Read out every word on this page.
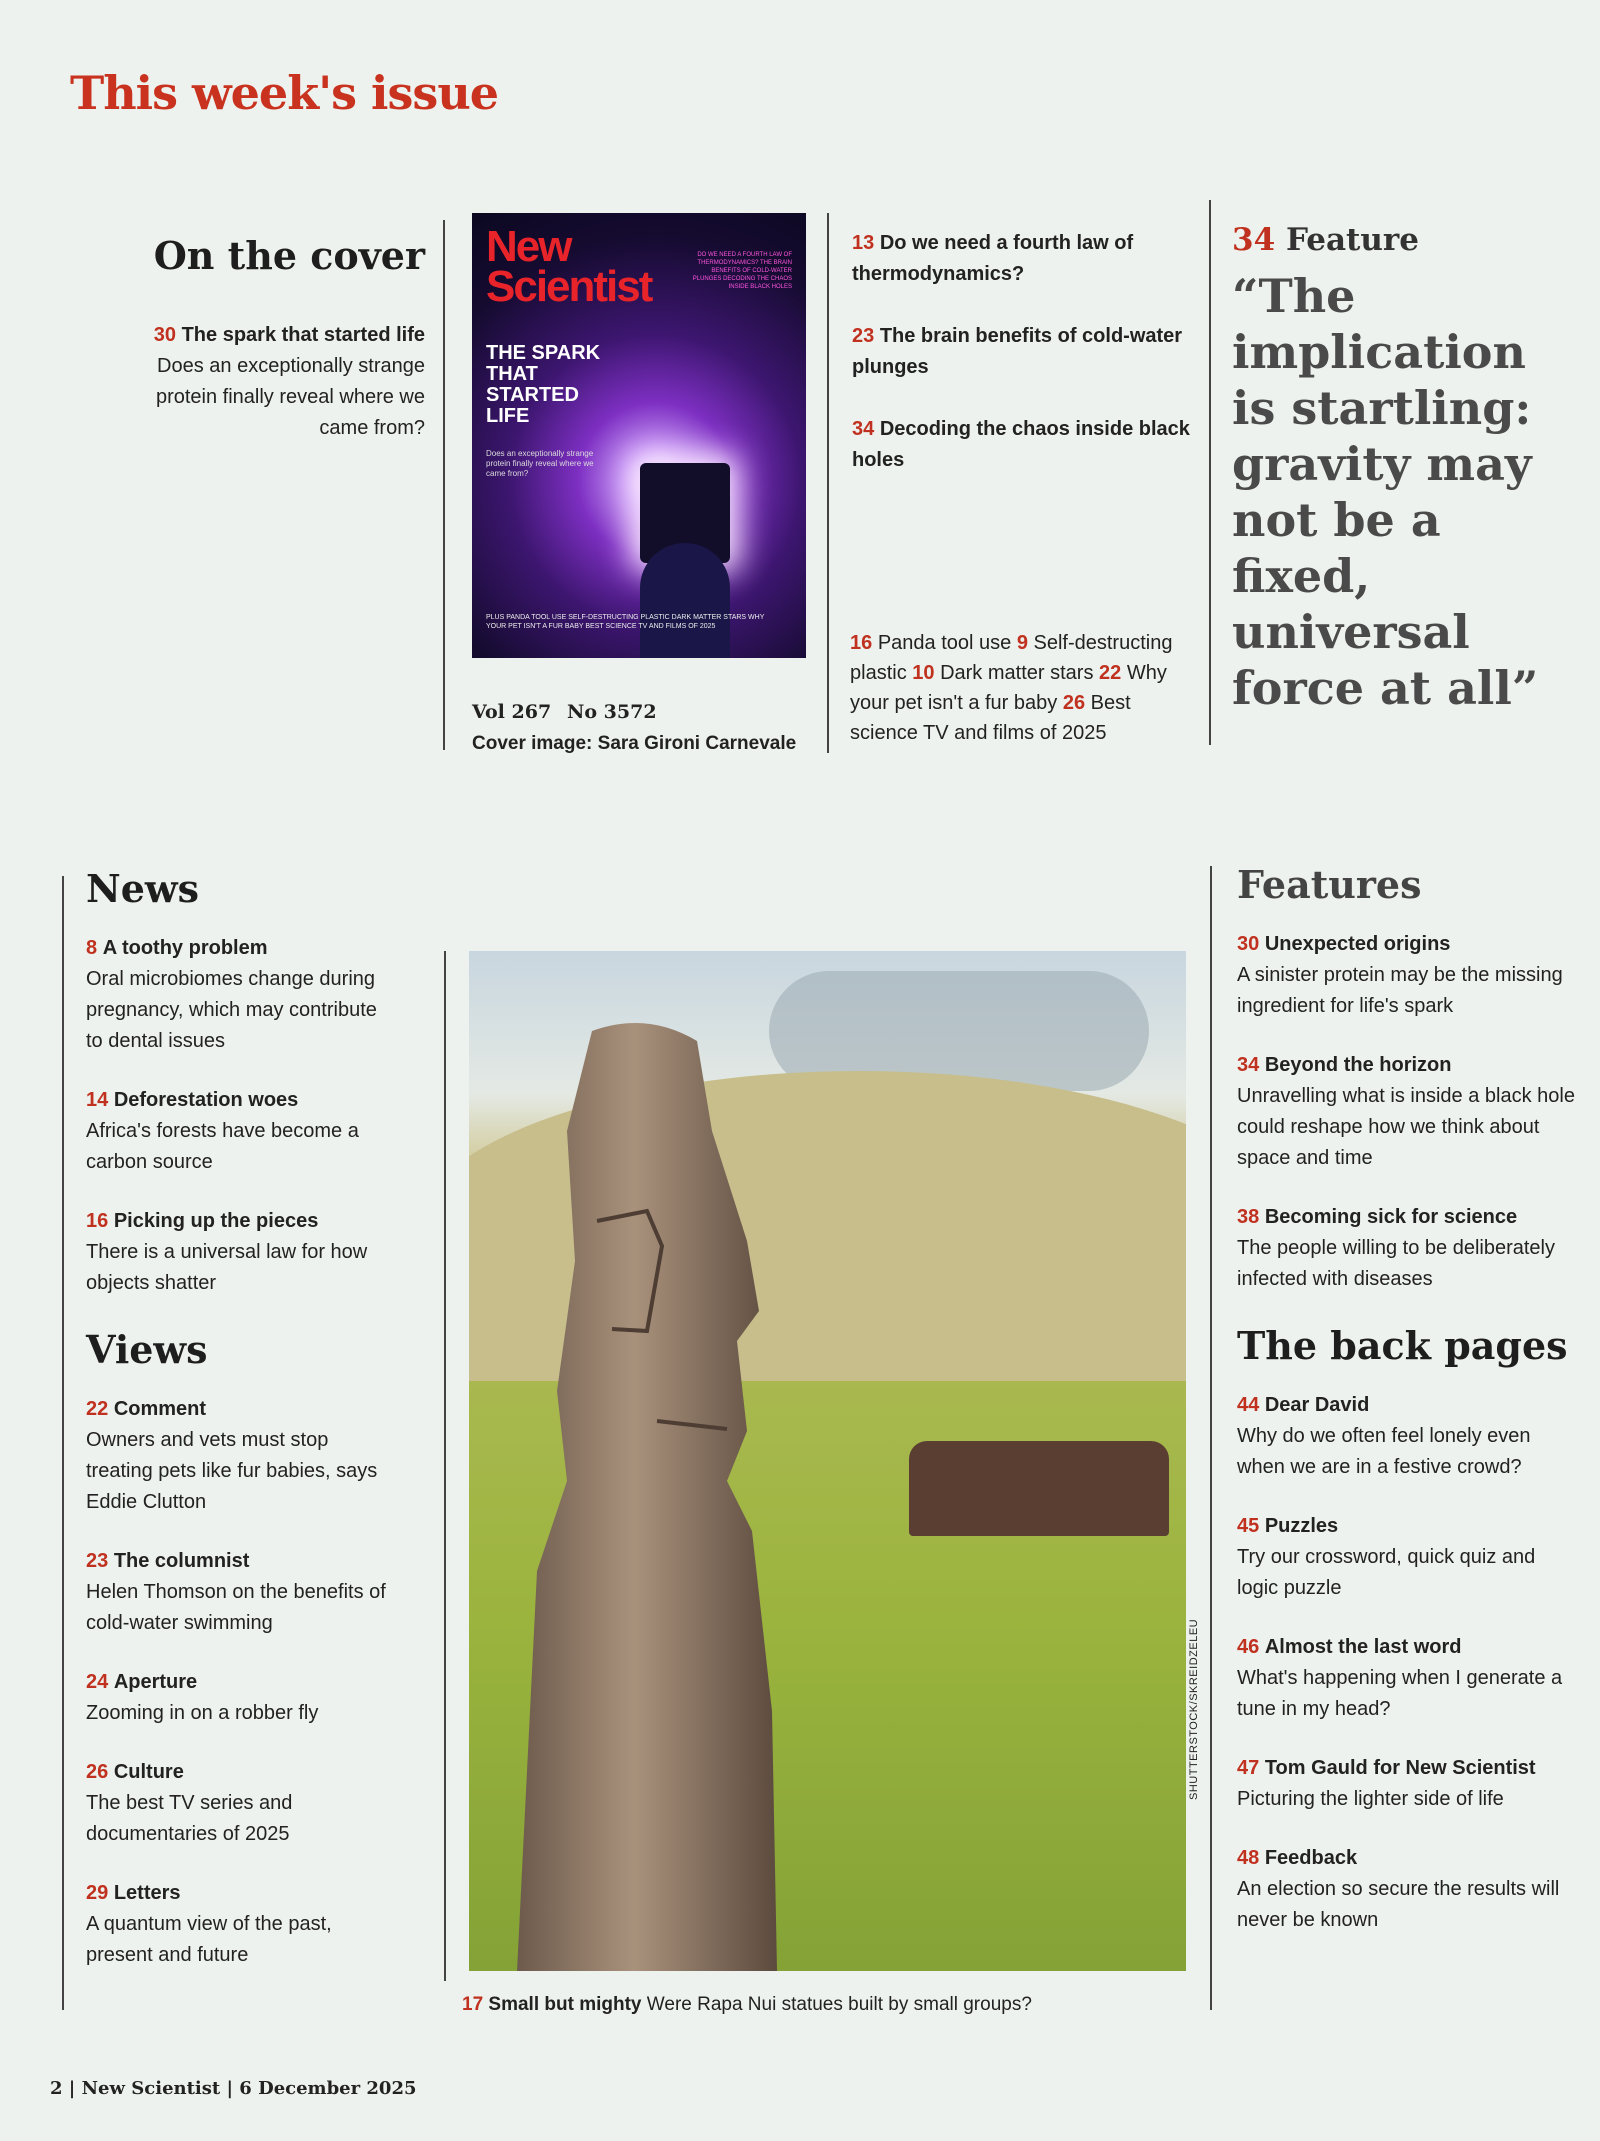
This week's issue
On the cover

30 The spark that started life
Does an exceptionally strange protein finally reveal where we came from?

New
Scientist
DO WE NEED A FOURTH LAW OF THERMODYNAMICS? THE BRAIN BENEFITS OF COLD-WATER PLUNGES DECODING THE CHAOS INSIDE BLACK HOLES
THE SPARK THAT STARTED LIFE
Does an exceptionally strange protein finally reveal where we came from?
PLUS PANDA TOOL USE SELF-DESTRUCTING PLASTIC DARK MATTER STARS WHY YOUR PET ISN'T A FUR BABY BEST SCIENCE TV AND FILMS OF 2025
Vol 267 No 3572
Cover image: Sara Gironi Carnevale

13 Do we need a fourth law of thermodynamics?

23 The brain benefits of cold-water plunges

34 Decoding the chaos inside black holes

16 Panda tool use 9 Self-destructing plastic 10 Dark matter stars 22 Why your pet isn't a fur baby 26 Best science TV and films of 2025
34 Feature
“The implication is startling: gravity may not be a fixed, universal force at all”
News
8 A toothy problem
Oral microbiomes change during pregnancy, which may contribute to dental issues
14 Deforestation woes
Africa's forests have become a carbon source
16 Picking up the pieces
There is a universal law for how objects shatter
Views
22 Comment
Owners and vets must stop treating pets like fur babies, says Eddie Clutton
23 The columnist
Helen Thomson on the benefits of cold-water swimming
24 Aperture
Zooming in on a robber fly
26 Culture
The best TV series and documentaries of 2025
29 Letters
A quantum view of the past, present and future
SHUTTERSTOCK/SKREIDZELEU
17 Small but mighty Were Rapa Nui statues built by small groups?
Features
30 Unexpected origins
A sinister protein may be the missing ingredient for life's spark
34 Beyond the horizon
Unravelling what is inside a black hole could reshape how we think about space and time
38 Becoming sick for science
The people willing to be deliberately infected with diseases
The back pages
44 Dear David
Why do we often feel lonely even when we are in a festive crowd?
45 Puzzles
Try our crossword, quick quiz and logic puzzle
46 Almost the last word
What's happening when I generate a tune in my head?
47 Tom Gauld for New Scientist
Picturing the lighter side of life
48 Feedback
An election so secure the results will never be known
2 | New Scientist | 6 December 2025
